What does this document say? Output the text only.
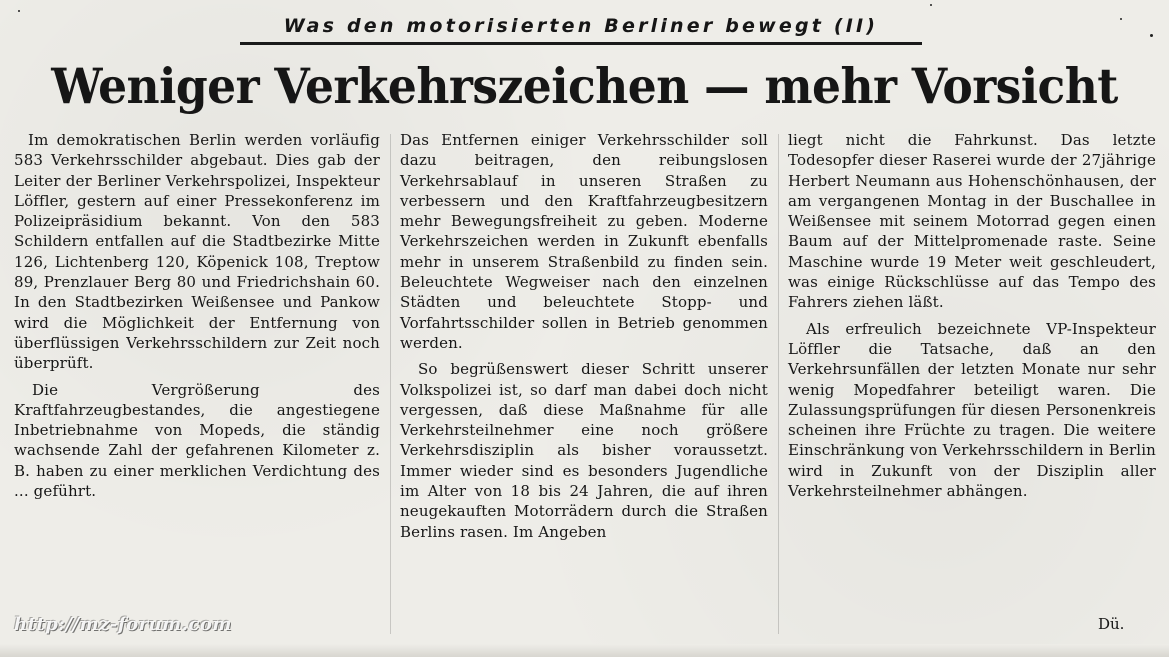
Was den motorisierten Berliner bewegt (II)
Weniger Verkehrszeichen — mehr Vorsicht

Im demokratischen Berlin werden vorläufig 583 Verkehrsschilder abgebaut. Dies gab der Leiter der Berliner Verkehrspolizei, Inspekteur Löffler, gestern auf einer Pressekonferenz im Polizeipräsidium bekannt. Von den 583 Schildern entfallen auf die Stadtbezirke Mitte 126, Lichtenberg 120, Köpenick 108, Treptow 89, Prenzlauer Berg 80 und Friedrichshain 60. In den Stadtbezirken Weißensee und Pankow wird die Möglichkeit der Entfernung von überflüssigen Verkehrsschildern zur Zeit noch überprüft.

Die Vergrößerung des Kraftfahrzeugbestandes, die angestiegene Inbetriebnahme von Mopeds, die ständig wachsende Zahl der gefahrenen Kilometer z. B. haben zu einer merklichen Verdichtung des ... geführt.

Das Entfernen einiger Verkehrsschilder soll dazu beitragen, den reibungslosen Verkehrsablauf in unseren Straßen zu verbessern und den Kraftfahrzeugbesitzern mehr Bewegungsfreiheit zu geben. Moderne Verkehrszeichen werden in Zukunft ebenfalls mehr in unserem Straßenbild zu finden sein. Beleuchtete Wegweiser nach den einzelnen Städten und beleuchtete Stopp- und Vorfahrtsschilder sollen in Betrieb genommen werden.

So begrüßenswert dieser Schritt unserer Volkspolizei ist, so darf man dabei doch nicht vergessen, daß diese Maßnahme für alle Verkehrsteilnehmer eine noch größere Verkehrsdisziplin als bisher voraussetzt. Immer wieder sind es besonders Jugendliche im Alter von 18 bis 24 Jahren, die auf ihren neugekauften Motorrädern durch die Straßen Berlins rasen. Im Angeben

liegt nicht die Fahrkunst. Das letzte Todesopfer dieser Raserei wurde der 27jährige Herbert Neumann aus Hohenschönhausen, der am vergangenen Montag in der Buschallee in Weißensee mit seinem Motorrad gegen einen Baum auf der Mittelpromenade raste. Seine Maschine wurde 19 Meter weit geschleudert, was einige Rückschlüsse auf das Tempo des Fahrers ziehen läßt.

Als erfreulich bezeichnete VP-Inspekteur Löffler die Tatsache, daß an den Verkehrsunfällen der letzten Monate nur sehr wenig Mopedfahrer beteiligt waren. Die Zulassungsprüfungen für diesen Personenkreis scheinen ihre Früchte zu tragen. Die weitere Einschränkung von Verkehrsschildern in Berlin wird in Zukunft von der Disziplin aller Verkehrsteilnehmer abhängen.

Dü.
http://mz-forum.com
